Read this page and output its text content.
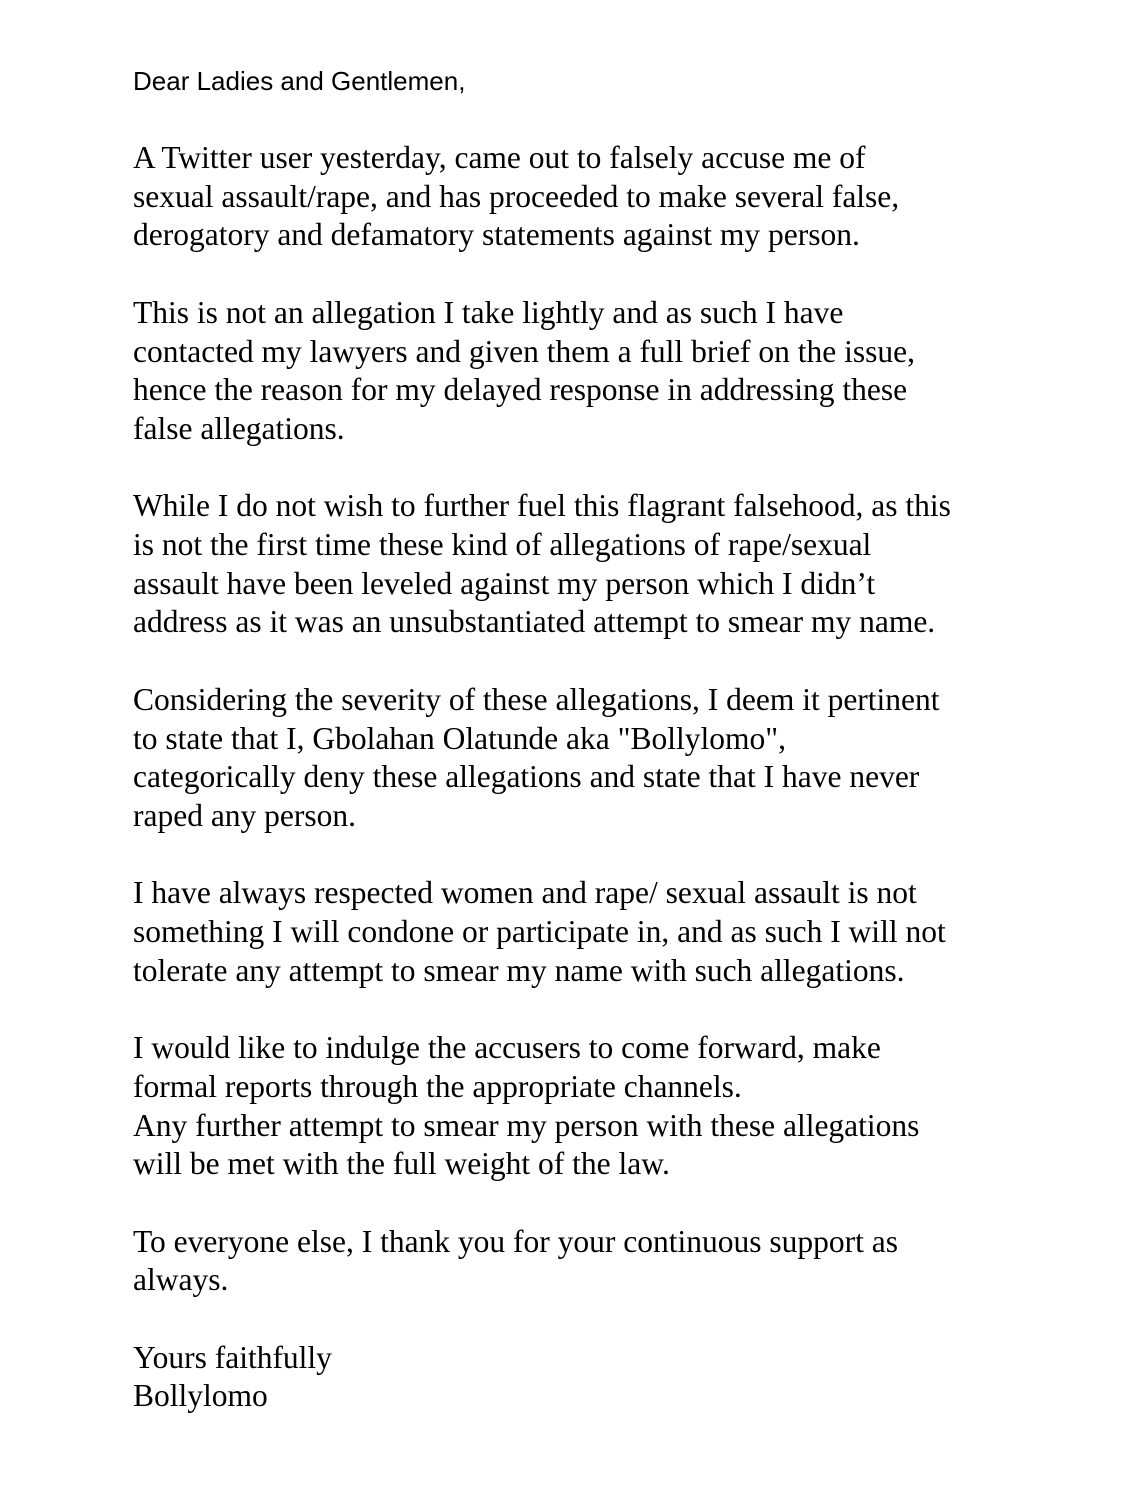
Dear Ladies and Gentlemen,
A Twitter user yesterday, came out to falsely accuse me of
sexual assault/rape, and has proceeded to make several false,
derogatory and defamatory statements against my person.
This is not an allegation I take lightly and as such I have
contacted my lawyers and given them a full brief on the issue,
hence the reason for my delayed response in addressing these
false allegations.
While I do not wish to further fuel this flagrant falsehood, as this
is not the first time these kind of allegations of rape/sexual
assault have been leveled against my person which I didn’t
address as it was an unsubstantiated attempt to smear my name.
Considering the severity of these allegations, I deem it pertinent
to state that I, Gbolahan Olatunde aka "Bollylomo",
categorically deny these allegations and state that I have never
raped any person.
I have always respected women and rape/ sexual assault is not
something I will condone or participate in, and as such I will not
tolerate any attempt to smear my name with such allegations.
I would like to indulge the accusers to come forward, make
formal reports through the appropriate channels.
Any further attempt to smear my person with these allegations
will be met with the full weight of the law.
To everyone else, I thank you for your continuous support as
always.
Yours faithfully
Bollylomo
